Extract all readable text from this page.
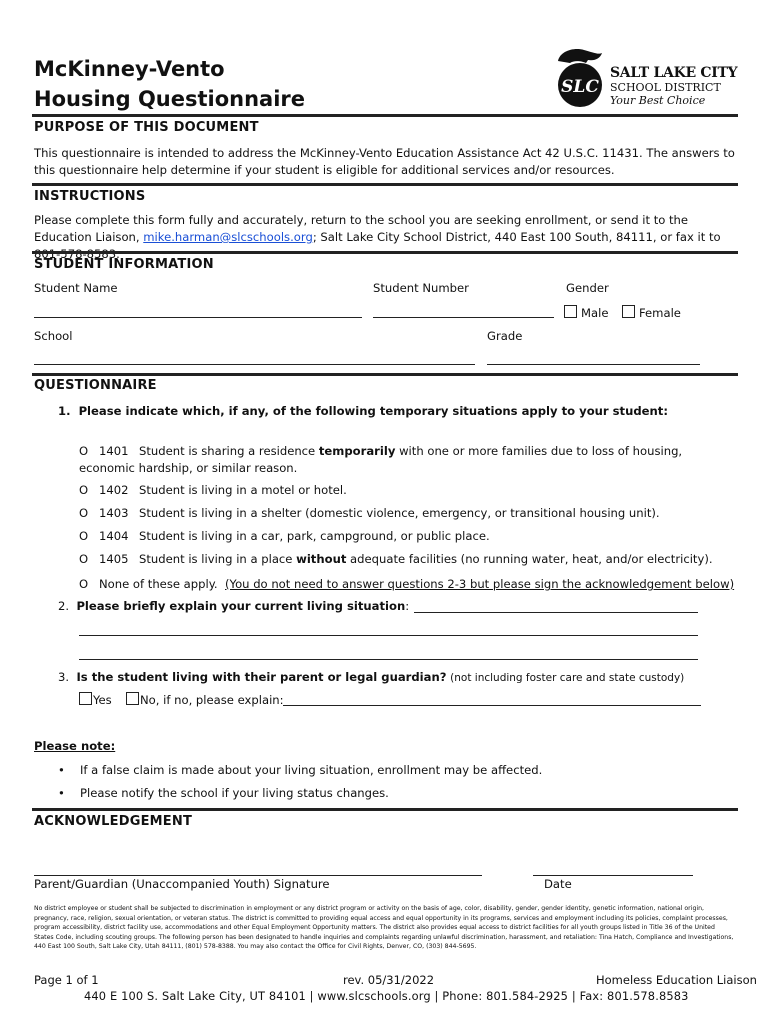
McKinney-Vento
Housing Questionnaire	SLC
SALT LAKE CITY
SCHOOL DISTRICT
Your Best Choice
PURPOSE OF THIS DOCUMENT
This questionnaire is intended to address the McKinney-Vento Education Assistance Act 42 U.S.C. 11431. The answers to this questionnaire help determine if your student is eligible for additional services and/or resources.
INSTRUCTIONS
Please complete this form fully and accurately, return to the school you are seeking enrollment, or send it to the Education Liaison, mike.harman@slcschools.org; Salt Lake City School District, 440 East 100 South, 84111, or fax it to 801-578-8583.
STUDENT INFORMATION
Student Name	Student Number	Gender
Male	Female
School	Grade
QUESTIONNAIRE
1. Please indicate which, if any, of the following temporary situations apply to your student:
O 1401 Student is sharing a residence temporarily with one or more families due to loss of housing, economic hardship, or similar reason.
O 1402 Student is living in a motel or hotel.
O 1403 Student is living in a shelter (domestic violence, emergency, or transitional housing unit).
O 1404 Student is living in a car, park, campground, or public place.
O 1405 Student is living in a place without adequate facilities (no running water, heat, and/or electricity).
O None of these apply. (You do not need to answer questions 2-3 but please sign the acknowledgement below)
2. Please briefly explain your current living situation:
3. Is the student living with their parent or legal guardian? (not including foster care and state custody)
Yes	No, if no, please explain:
Please note:
• If a false claim is made about your living situation, enrollment may be affected.
• Please notify the school if your living status changes.
ACKNOWLEDGEMENT
Parent/Guardian (Unaccompanied Youth) Signature	Date
No district employee or student shall be subjected to discrimination in employment or any district program or activity on the basis of age, color, disability, gender, gender identity, genetic information, national origin, pregnancy, race, religion, sexual orientation, or veteran status. The district is committed to providing equal access and equal opportunity in its programs, services and employment including its policies, complaint processes, program accessibility, district facility use, accommodations and other Equal Employment Opportunity matters. The district also provides equal access to district facilities for all youth groups listed in Title 36 of the United States Code, including scouting groups. The following person has been designated to handle inquiries and complaints regarding unlawful discrimination, harassment, and retaliation: Tina Hatch, Compliance and Investigations, 440 East 100 South, Salt Lake City, Utah 84111, (801) 578-8388. You may also contact the Office for Civil Rights, Denver, CO, (303) 844-5695.
Page 1 of 1	rev. 05/31/2022	Homeless Education Liaison
440 E 100 S. Salt Lake City, UT 84101 | www.slcschools.org | Phone: 801.584-2925 | Fax: 801.578.8583
